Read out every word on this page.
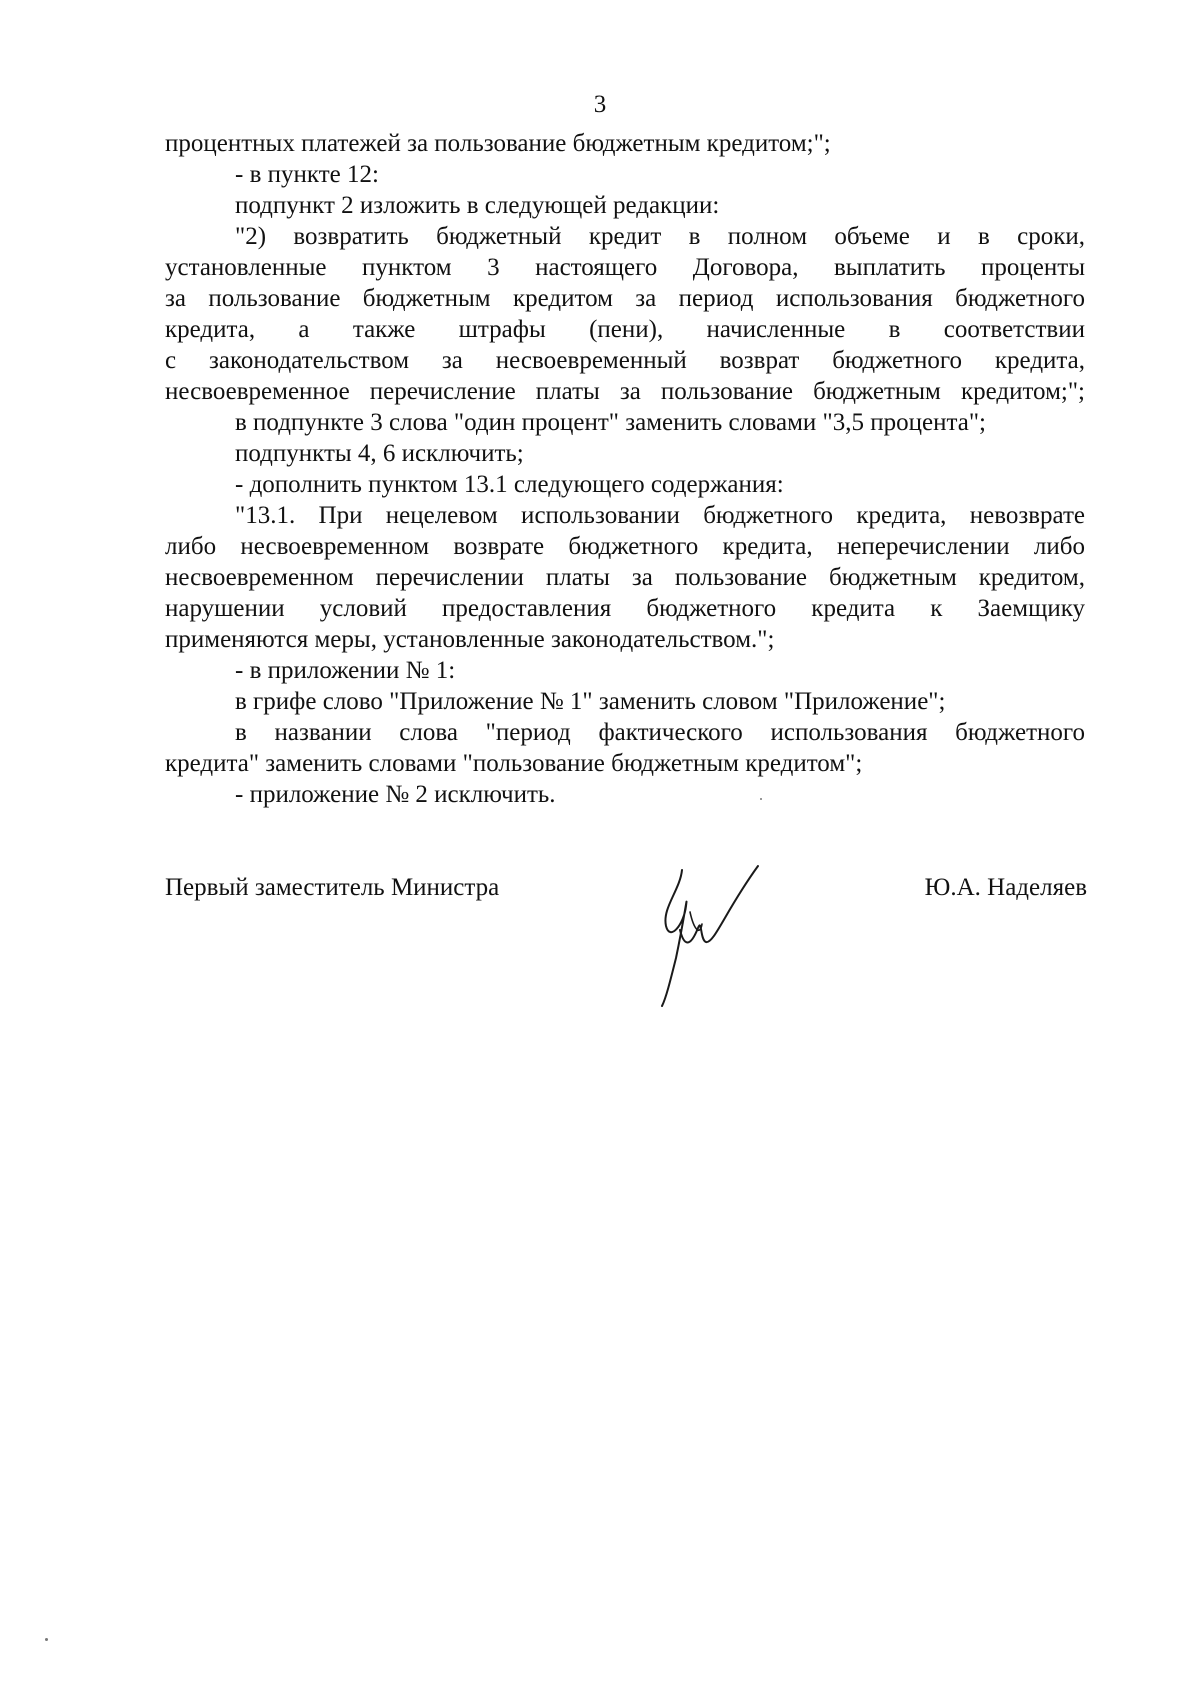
3
процентных платежей за пользование бюджетным кредитом;";
- в пункте 12:
подпункт 2 изложить в следующей редакции:
"2) возвратить бюджетный кредит в полном объеме и в сроки,
установленные пунктом 3 настоящего Договора, выплатить проценты
за пользование бюджетным кредитом за период использования бюджетного
кредита, а также штрафы (пени), начисленные в соответствии
с законодательством за несвоевременный возврат бюджетного кредита,
несвоевременное перечисление платы за пользование бюджетным кредитом;";
в подпункте 3 слова "один процент" заменить словами "3,5 процента";
подпункты 4, 6 исключить;
- дополнить пунктом 13.1 следующего содержания:
"13.1. При нецелевом использовании бюджетного кредита, невозврате
либо несвоевременном возврате бюджетного кредита, неперечислении либо
несвоевременном перечислении платы за пользование бюджетным кредитом,
нарушении условий предоставления бюджетного кредита к Заемщику
применяются меры, установленные законодательством.";
- в приложении № 1:
в грифе слово "Приложение № 1" заменить словом "Приложение";
в названии слова "период фактического использования бюджетного
кредита" заменить словами "пользование бюджетным кредитом";
- приложение № 2 исключить.
Первый заместитель Министра	Ю.А. Наделяев
